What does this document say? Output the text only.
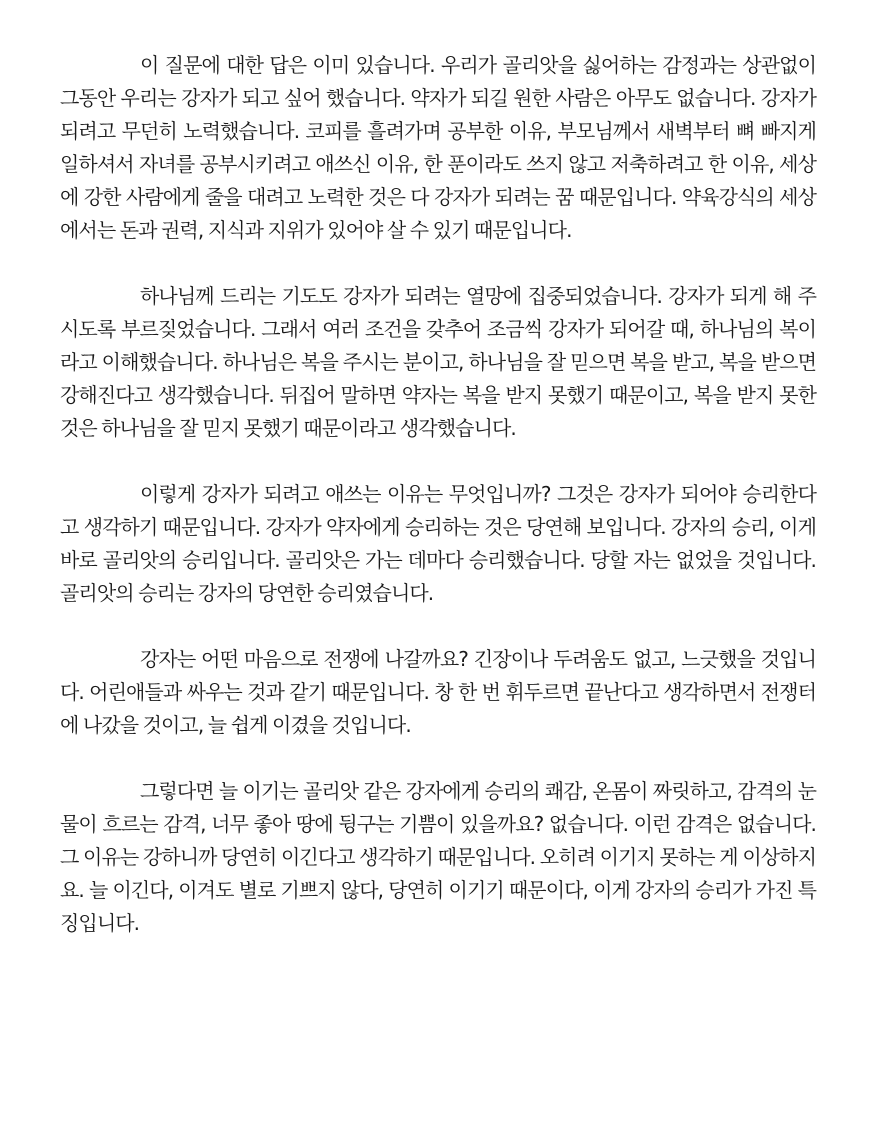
이 질문에 대한 답은 이미 있습니다. 우리가 골리앗을 싫어하는 감정과는 상관없이 그동안 우리는 강자가 되고 싶어 했습니다. 약자가 되길 원한 사람은 아무도 없습니다. 강자가 되려고 무던히 노력했습니다. 코피를 흘려가며 공부한 이유, 부모님께서 새벽부터 뼈 빠지게 일하셔서 자녀를 공부시키려고 애쓰신 이유, 한 푼이라도 쓰지 않고 저축하려고 한 이유, 세상에 강한 사람에게 줄을 대려고 노력한 것은 다 강자가 되려는 꿈 때문입니다. 약육강식의 세상에서는 돈과 권력, 지식과 지위가 있어야 살 수 있기 때문입니다.

하나님께 드리는 기도도 강자가 되려는 열망에 집중되었습니다. 강자가 되게 해 주시도록 부르짖었습니다. 그래서 여러 조건을 갖추어 조금씩 강자가 되어갈 때, 하나님의 복이라고 이해했습니다. 하나님은 복을 주시는 분이고, 하나님을 잘 믿으면 복을 받고, 복을 받으면 강해진다고 생각했습니다. 뒤집어 말하면 약자는 복을 받지 못했기 때문이고, 복을 받지 못한 것은 하나님을 잘 믿지 못했기 때문이라고 생각했습니다.

이렇게 강자가 되려고 애쓰는 이유는 무엇입니까? 그것은 강자가 되어야 승리한다고 생각하기 때문입니다. 강자가 약자에게 승리하는 것은 당연해 보입니다. 강자의 승리, 이게 바로 골리앗의 승리입니다. 골리앗은 가는 데마다 승리했습니다. 당할 자는 없었을 것입니다. 골리앗의 승리는 강자의 당연한 승리였습니다.

강자는 어떤 마음으로 전쟁에 나갈까요? 긴장이나 두려움도 없고, 느긋했을 것입니다. 어린애들과 싸우는 것과 같기 때문입니다. 창 한 번 휘두르면 끝난다고 생각하면서 전쟁터에 나갔을 것이고, 늘 쉽게 이겼을 것입니다.

그렇다면 늘 이기는 골리앗 같은 강자에게 승리의 쾌감, 온몸이 짜릿하고, 감격의 눈물이 흐르는 감격, 너무 좋아 땅에 뒹구는 기쁨이 있을까요? 없습니다. 이런 감격은 없습니다. 그 이유는 강하니까 당연히 이긴다고 생각하기 때문입니다. 오히려 이기지 못하는 게 이상하지요. 늘 이긴다, 이겨도 별로 기쁘지 않다, 당연히 이기기 때문이다, 이게 강자의 승리가 가진 특징입니다.
